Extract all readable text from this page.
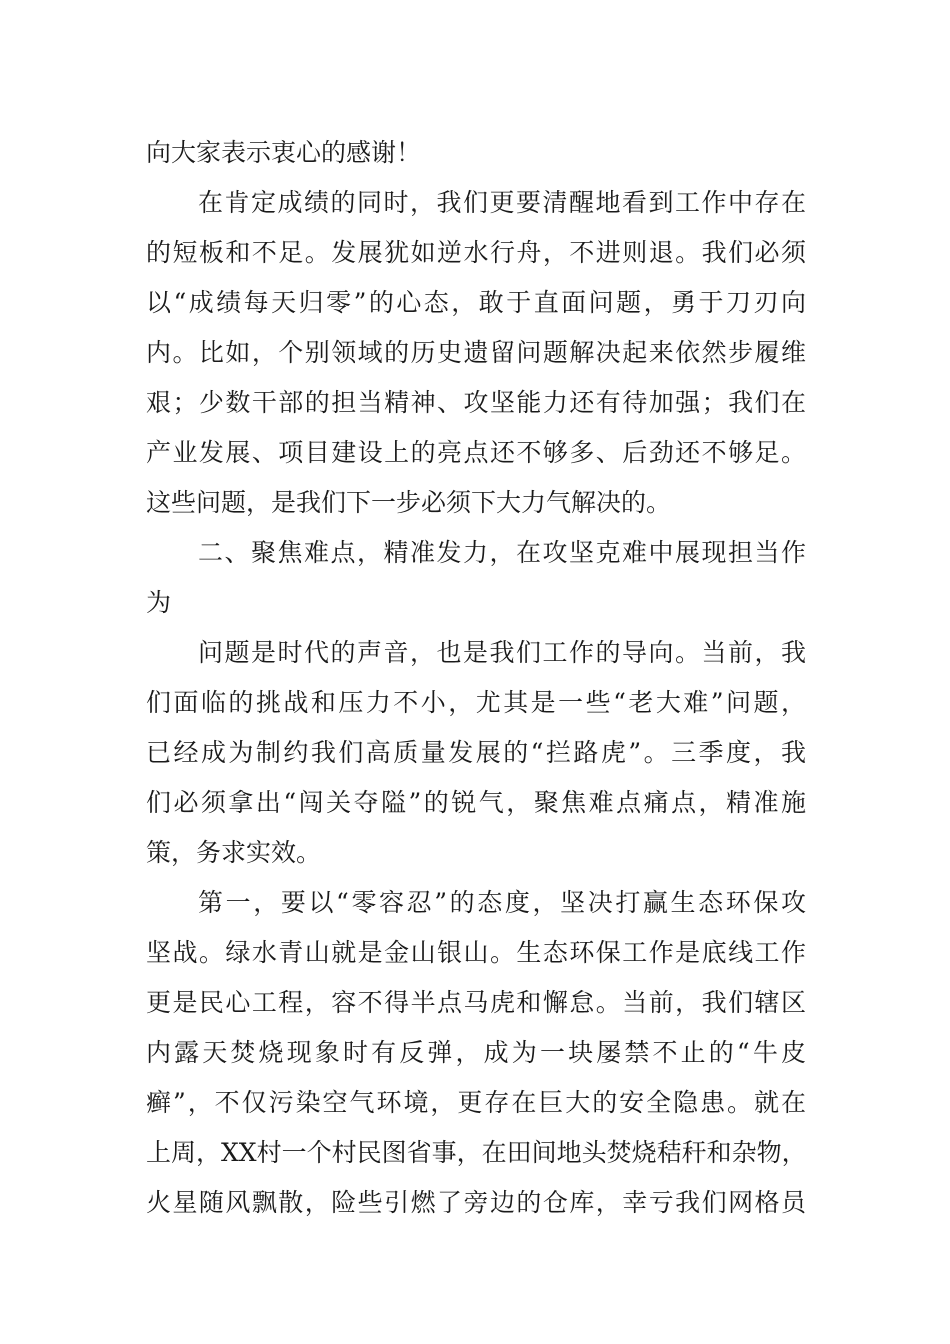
向大家表示衷心的感谢！
在肯定成绩的同时，我们更要清醒地看到工作中存在
的短板和不足。发展犹如逆水行舟，不进则退。我们必须
以“成绩每天归零”的心态，敢于直面问题，勇于刀刃向
内。比如，个别领域的历史遗留问题解决起来依然步履维
艰；少数干部的担当精神、攻坚能力还有待加强；我们在
产业发展、项目建设上的亮点还不够多、后劲还不够足。
这些问题，是我们下一步必须下大力气解决的。
二、聚焦难点，精准发力，在攻坚克难中展现担当作
为
问题是时代的声音，也是我们工作的导向。当前，我
们面临的挑战和压力不小，尤其是一些“老大难”问题，
已经成为制约我们高质量发展的“拦路虎”。三季度，我
们必须拿出“闯关夺隘”的锐气，聚焦难点痛点，精准施
策，务求实效。
第一，要以“零容忍”的态度，坚决打赢生态环保攻
坚战。绿水青山就是金山银山。生态环保工作是底线工作
更是民心工程，容不得半点马虎和懈怠。当前，我们辖区
内露天焚烧现象时有反弹，成为一块屡禁不止的“牛皮
癣”，不仅污染空气环境，更存在巨大的安全隐患。就在
上周，XX村一个村民图省事，在田间地头焚烧秸秆和杂物，
火星随风飘散，险些引燃了旁边的仓库，幸亏我们网格员
